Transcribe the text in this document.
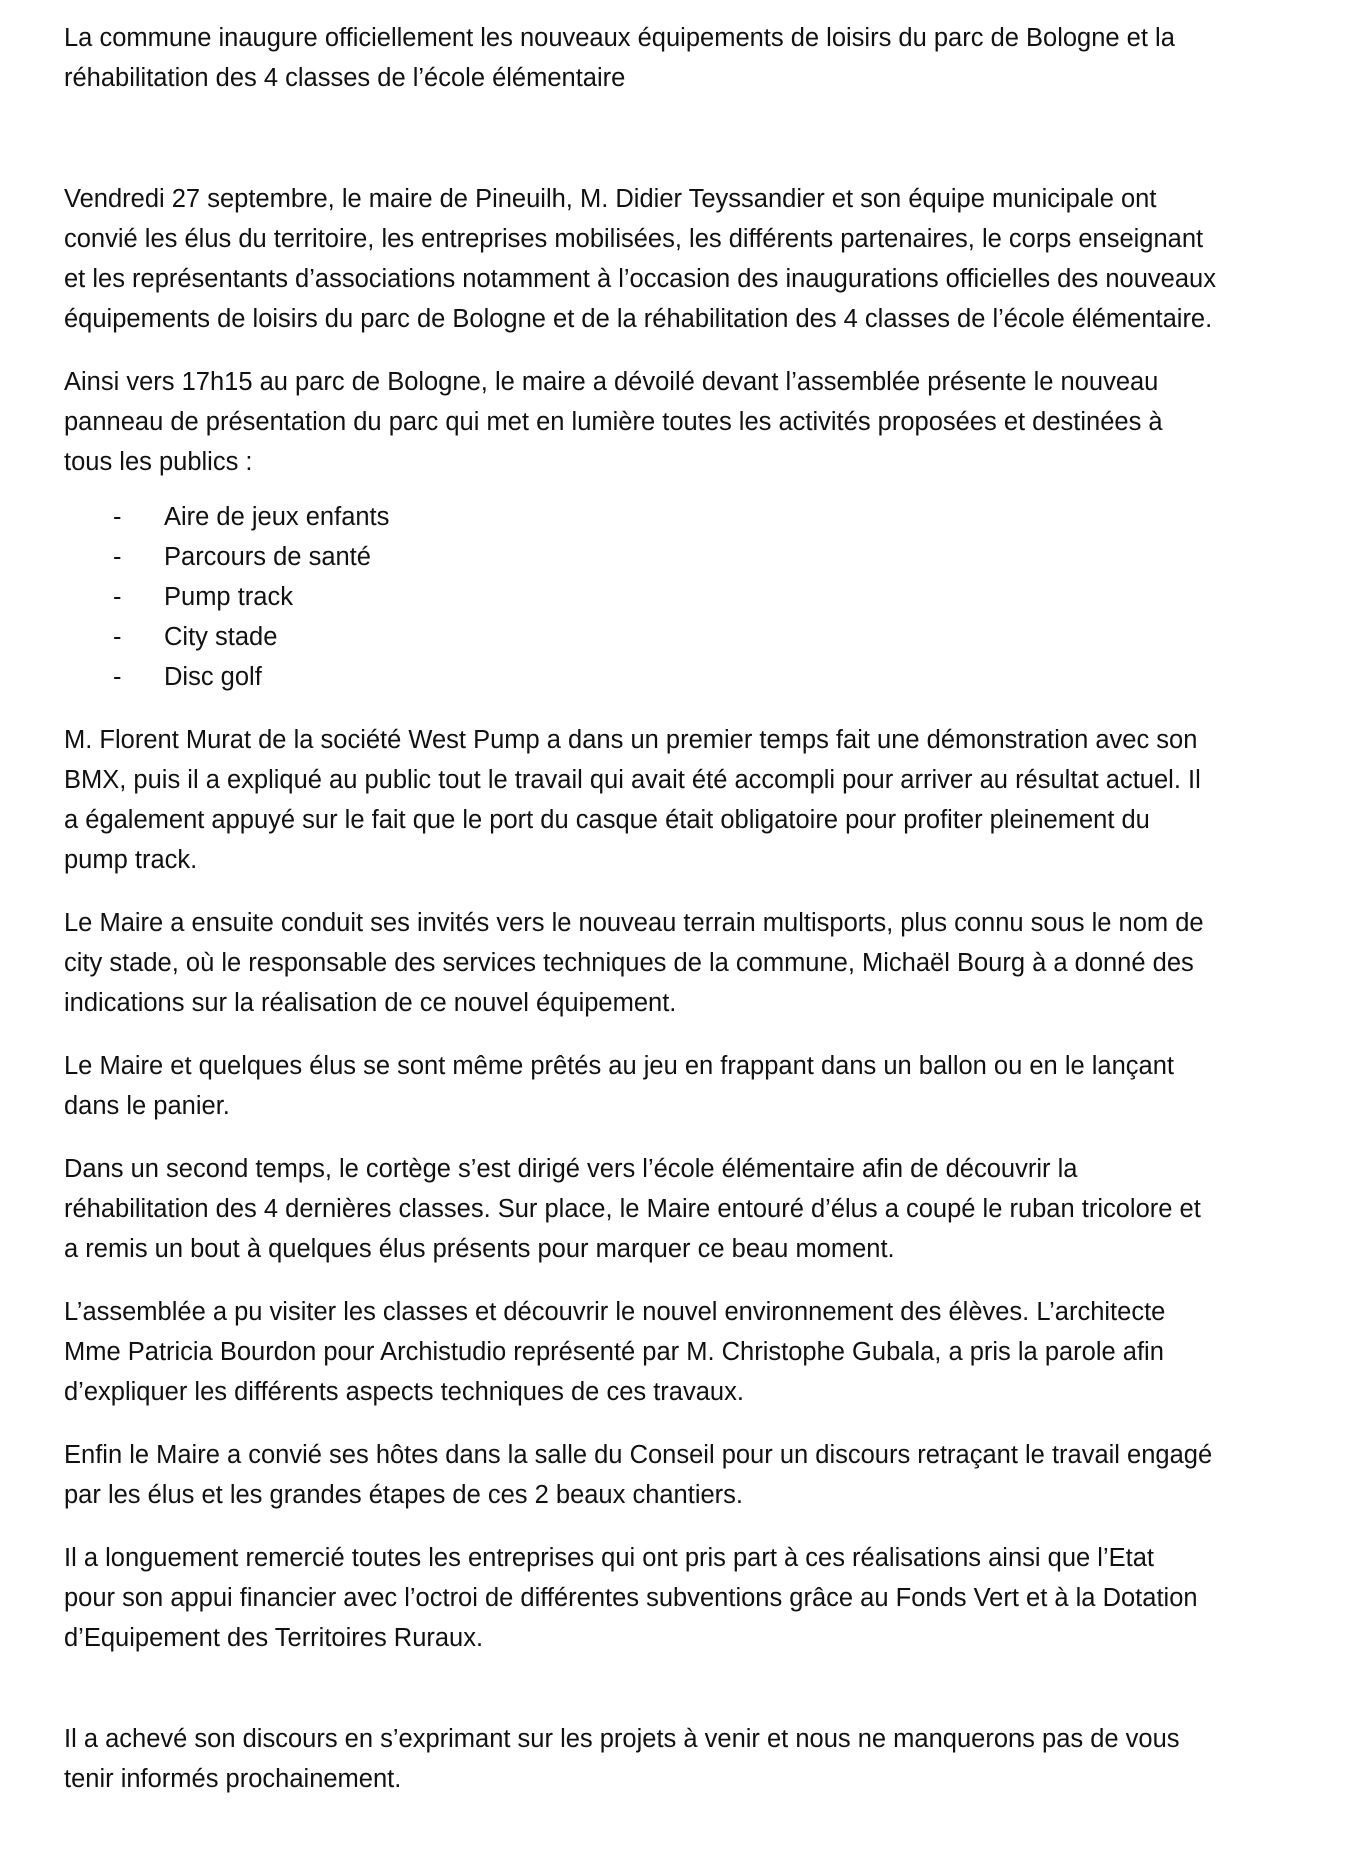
La commune inaugure officiellement les nouveaux équipements de loisirs du parc de Bologne et la
réhabilitation des 4 classes de l’école élémentaire

Vendredi 27 septembre, le maire de Pineuilh, M. Didier Teyssandier et son équipe municipale ont
convié les élus du territoire, les entreprises mobilisées, les différents partenaires, le corps enseignant
et les représentants d’associations notamment à l’occasion des inaugurations officielles des nouveaux
équipements de loisirs du parc de Bologne et de la réhabilitation des 4 classes de l’école élémentaire.

Ainsi vers 17h15 au parc de Bologne, le maire a dévoilé devant l’assemblée présente le nouveau
panneau de présentation du parc qui met en lumière toutes les activités proposées et destinées à
tous les publics :

- Aire de jeux enfants
- Parcours de santé
- Pump track
- City stade
- Disc golf

M. Florent Murat de la société West Pump a dans un premier temps fait une démonstration avec son
BMX, puis il a expliqué au public tout le travail qui avait été accompli pour arriver au résultat actuel. Il
a également appuyé sur le fait que le port du casque était obligatoire pour profiter pleinement du
pump track.

Le Maire a ensuite conduit ses invités vers le nouveau terrain multisports, plus connu sous le nom de
city stade, où le responsable des services techniques de la commune, Michaël Bourg à a donné des
indications sur la réalisation de ce nouvel équipement.

Le Maire et quelques élus se sont même prêtés au jeu en frappant dans un ballon ou en le lançant
dans le panier.

Dans un second temps, le cortège s’est dirigé vers l’école élémentaire afin de découvrir la
réhabilitation des 4 dernières classes. Sur place, le Maire entouré d’élus a coupé le ruban tricolore et
a remis un bout à quelques élus présents pour marquer ce beau moment.

L’assemblée a pu visiter les classes et découvrir le nouvel environnement des élèves. L’architecte
Mme Patricia Bourdon pour Archistudio représenté par M. Christophe Gubala, a pris la parole afin
d’expliquer les différents aspects techniques de ces travaux.

Enfin le Maire a convié ses hôtes dans la salle du Conseil pour un discours retraçant le travail engagé
par les élus et les grandes étapes de ces 2 beaux chantiers.

Il a longuement remercié toutes les entreprises qui ont pris part à ces réalisations ainsi que l’Etat
pour son appui financier avec l’octroi de différentes subventions grâce au Fonds Vert et à la Dotation
d’Equipement des Territoires Ruraux.

Il a achevé son discours en s’exprimant sur les projets à venir et nous ne manquerons pas de vous
tenir informés prochainement.
